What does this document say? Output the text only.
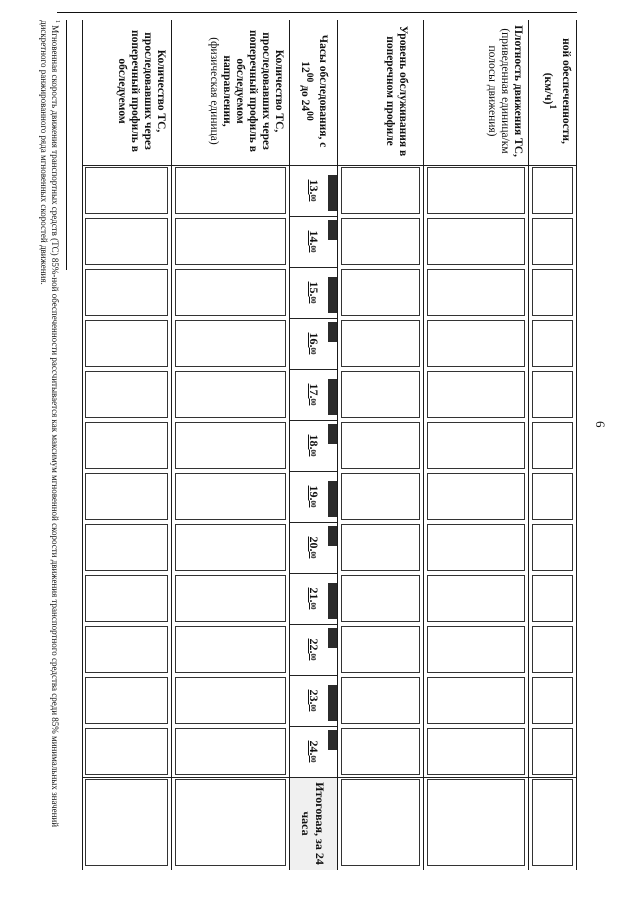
6
ной обеспеченности,
$(км/ч)^1$
Плотность движения ТС,
(приведенная единица/км полосы движения)
Уровень обслуживания в поперечном профиле
Часы обследования, с $12^{00}$ до $24^{00}$
13.
00
14.
00
15.
00
16.
00
17.
00
18.
00
19.
00
20.
00
21.
00
22.
00
23.
00
24.
00
Итоговая, за 24 часа
Количество ТС, проследовавших через поперечный профиль в обследуемом направлении,
(физическая единица)
Количество ТС, проследовавших через поперечный профиль в обследуемом
$^1$ Мгновенная скорость движения транспортных средств (ТС) 85%-ной обеспеченности рассчитывается как максимум мгновенной скорости движения транспортного средства среди 85% минимальных значений дискретного ранжированного ряда мгновенных скоростей движения.
